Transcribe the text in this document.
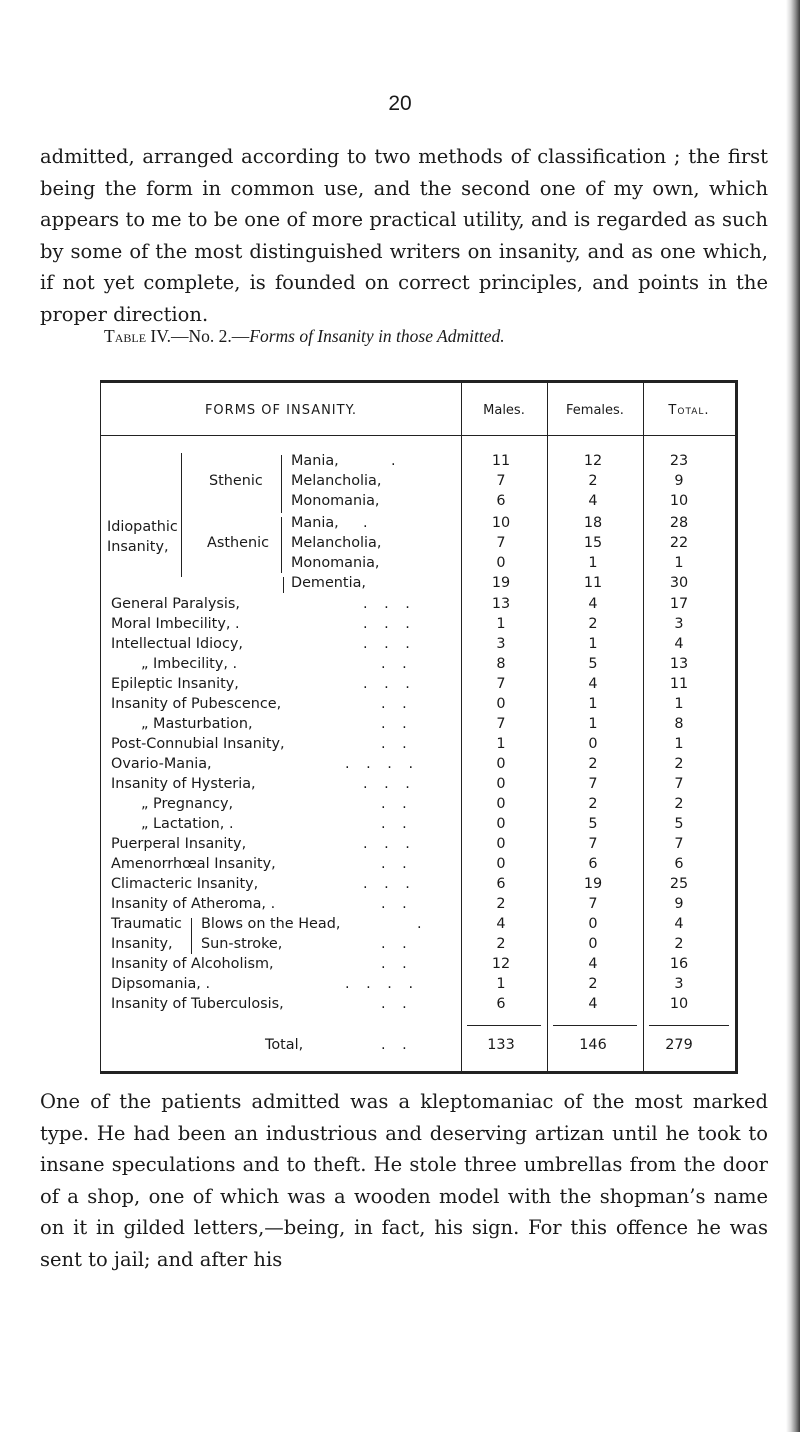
20

admitted, arranged according to two methods of classification ; the first being the form in common use, and the second one of my own, which appears to me to be one of more practical utility, and is regarded as such by some of the most distinguished writers on insanity, and as one which, if not yet complete, is founded on correct principles, and points in the proper direction.

Table IV.—No. 2.—Forms of Insanity in those Admitted.
FORMS OF INSANITY.	Males.	Females.	Total.
Idiopathic
Insanity,
Sthenic
Asthenic
Mania,	.	11	12	23
Melancholia,	7	2	9
Monomania,	6	4	10
Mania, .	10	18	28
Melancholia,	7	15	22
Monomania,	0	1	1
Dementia,	19	11	30
General Paralysis,	. . .	13	4	17
Moral Imbecility, .	. . .	1	2	3
Intellectual Idiocy,	. . .	3	1	4
„ Imbecility, .	. .	8	5	13
Epileptic Insanity,	. . .	7	4	11
Insanity of Pubescence,	. .	0	1	1
„ Masturbation,	. .	7	1	8
Post-Connubial Insanity,	. .	1	0	1
Ovario-Mania,	. . . .	0	2	2
Insanity of Hysteria,	. . .	0	7	7
„ Pregnancy,	. .	0	2	2
„ Lactation, .	. .	0	5	5
Puerperal Insanity,	. . .	0	7	7
Amenorrhœal Insanity,	. .	0	6	6
Climacteric Insanity,	. . .	6	19	25
Insanity of Atheroma, .	. .	2	7	9
Traumatic
Insanity,
Blows on the Head,	.	4	0	4
Sun-stroke,	. .	2	0	2
Insanity of Alcoholism,	. .	12	4	16
Dipsomania, .	. . . .	1	2	3
Insanity of Tuberculosis,	. .	6	4	10
Total,	. .	133	146	279

One of the patients admitted was a kleptomaniac of the most marked type. He had been an industrious and deserving artizan until he took to insane speculations and to theft. He stole three umbrellas from the door of a shop, one of which was a wooden model with the shopman’s name on it in gilded letters,—being, in fact, his sign. For this offence he was sent to jail; and after his
